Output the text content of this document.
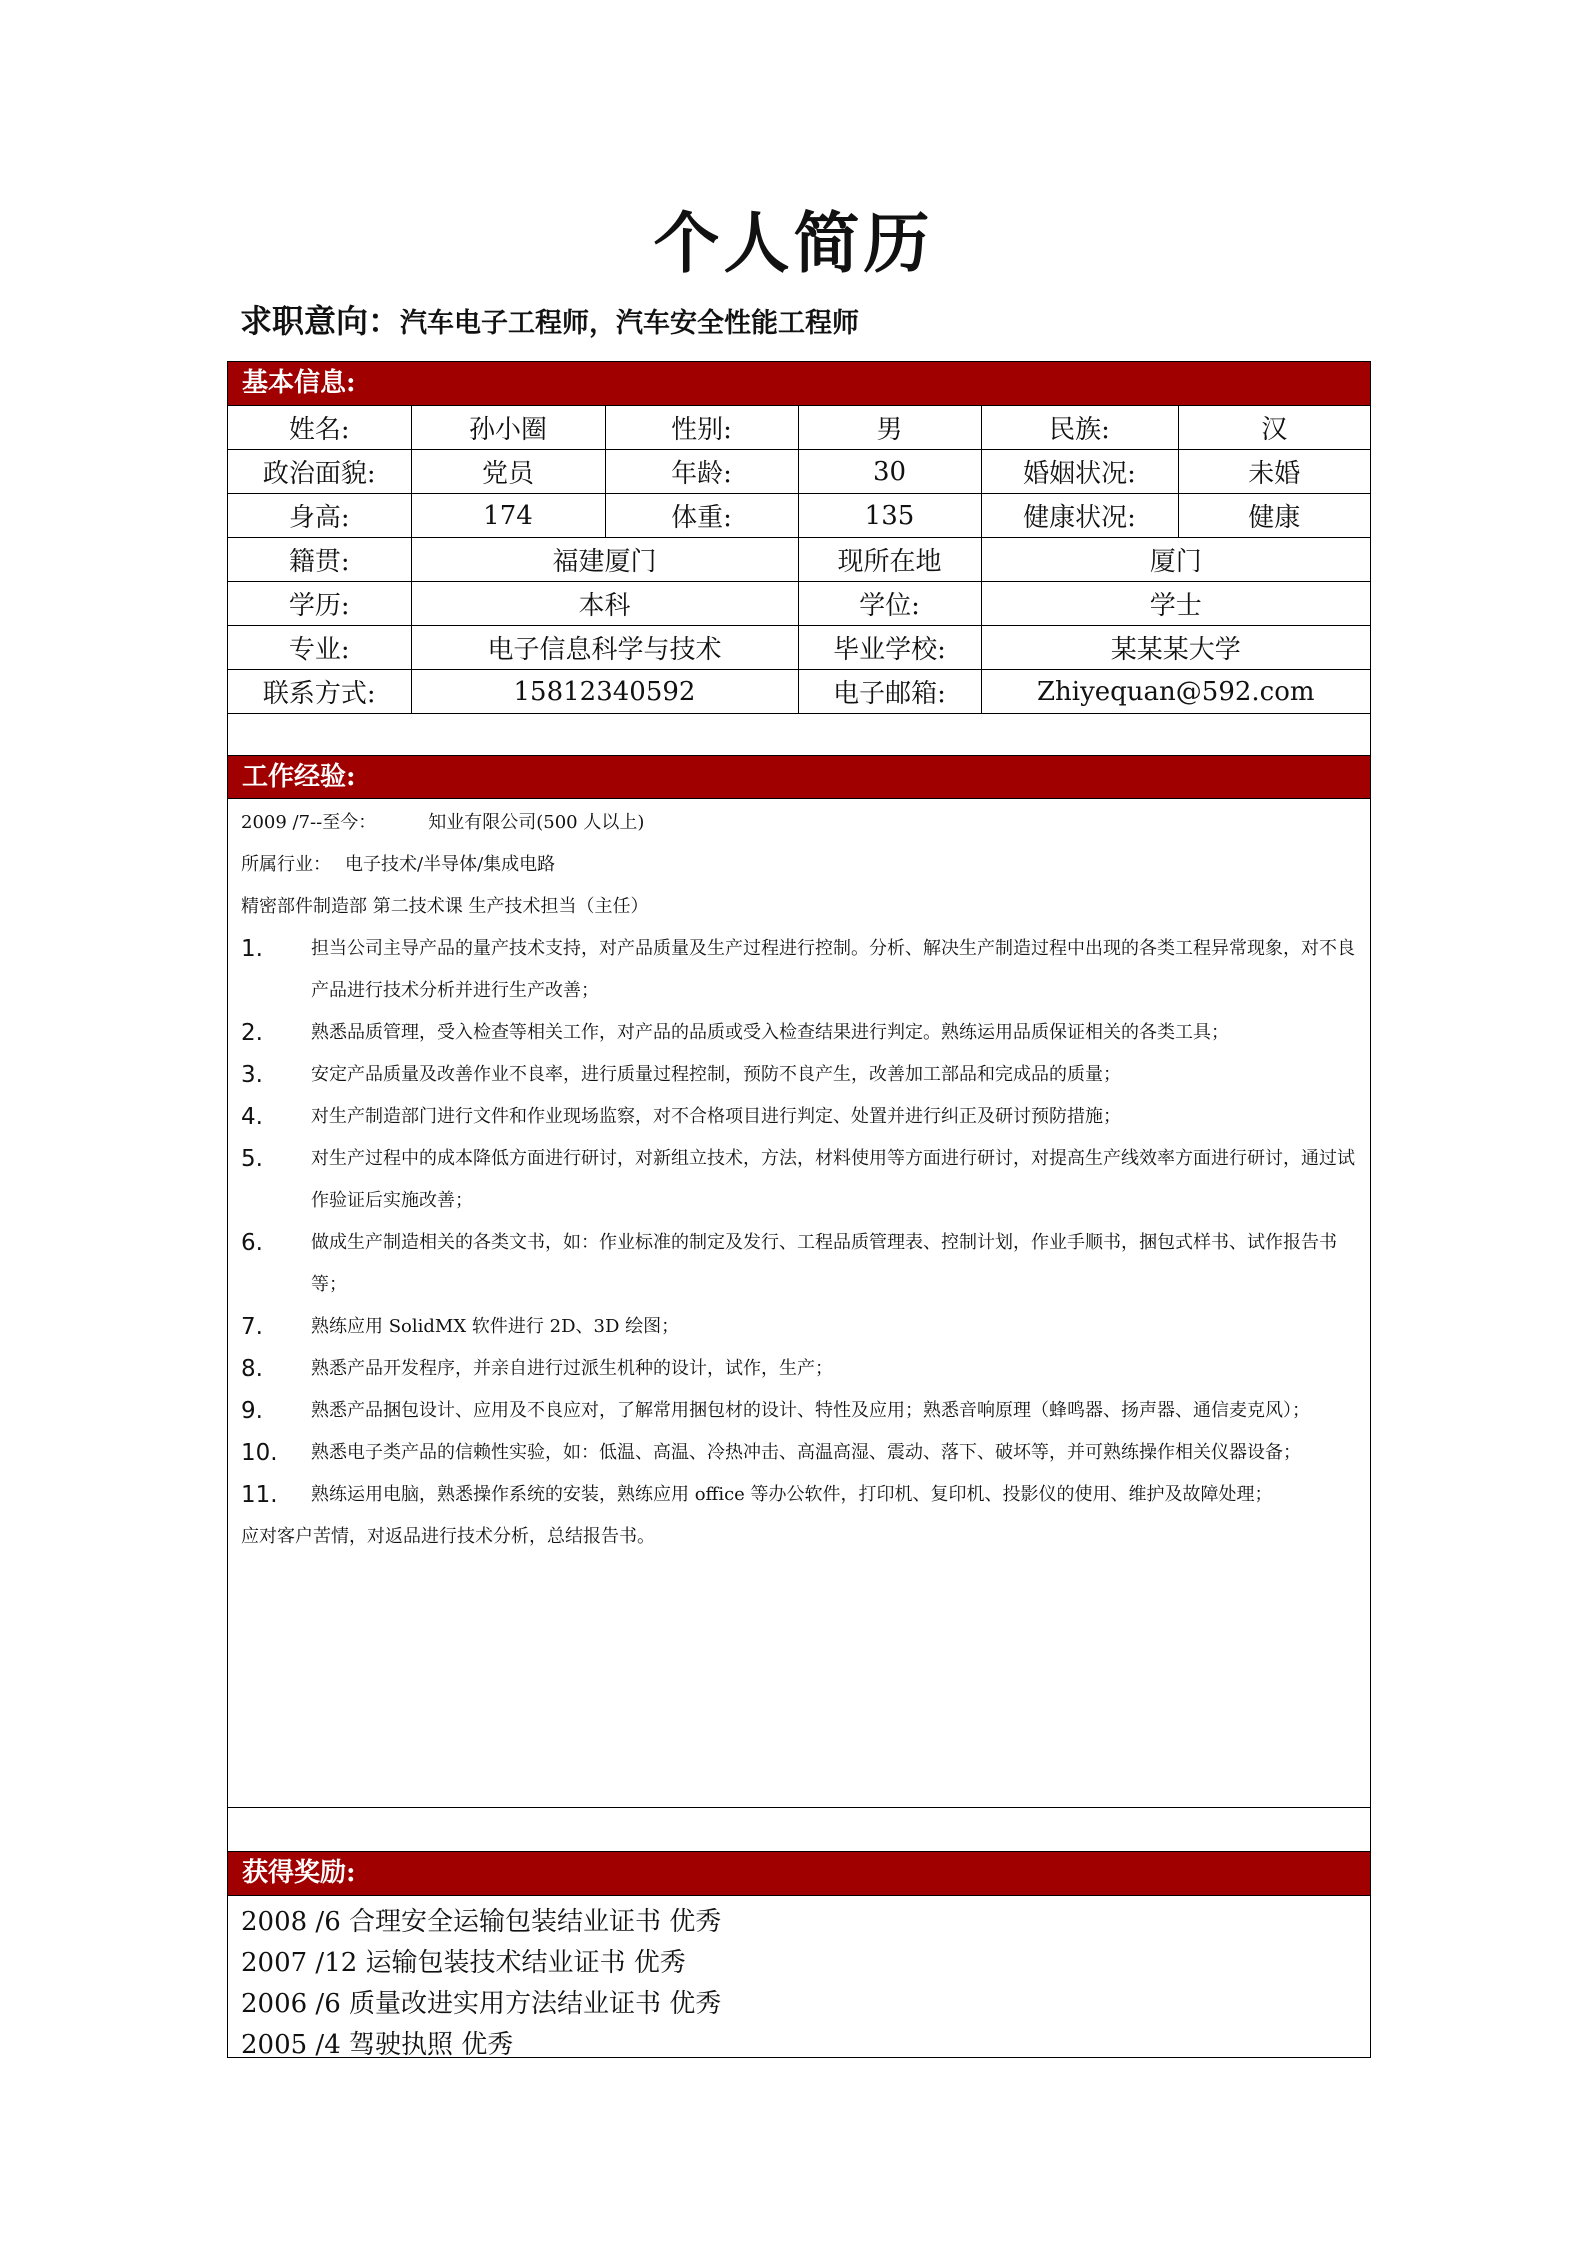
个人简历
求职意向：汽车电子工程师，汽车安全性能工程师
基本信息:
姓名:	孙小圈	性别:	男	民族:	汉
政治面貌:	党员	年龄:	30	婚姻状况:	未婚
身高:	174	体重:	135	健康状况:	健康
籍贯:	福建厦门		现所在地	厦门	
学历:	本科		学位:	学士	
专业:	电子信息科学与技术		毕业学校:	某某某大学	
联系方式:	15812340592		电子邮箱:	Zhiyequan@592.com	
工作经验:
2009 /7--至今：	知业有限公司(500 人以上)
所属行业： 电子技术/半导体/集成电路
精密部件制造部 第二技术课 生产技术担当（主任）
1.	担当公司主导产品的量产技术支持，对产品质量及生产过程进行控制。分析、解决生产制造过程中出现的各类工程异常现象，对不良产品进行技术分析并进行生产改善；
2.	熟悉品质管理，受入检查等相关工作，对产品的品质或受入检查结果进行判定。熟练运用品质保证相关的各类工具；
3.	安定产品质量及改善作业不良率，进行质量过程控制，预防不良产生，改善加工部品和完成品的质量；
4.	对生产制造部门进行文件和作业现场监察，对不合格项目进行判定、处置并进行纠正及研讨预防措施；
5.	对生产过程中的成本降低方面进行研讨，对新组立技术，方法，材料使用等方面进行研讨，对提高生产线效率方面进行研讨，通过试作验证后实施改善；
6.	做成生产制造相关的各类文书，如：作业标准的制定及发行、工程品质管理表、控制计划，作业手顺书，捆包式样书、试作报告书等；
7.	熟练应用 SolidMX 软件进行 2D、3D 绘图；
8.	熟悉产品开发程序，并亲自进行过派生机种的设计，试作，生产；
9.	熟悉产品捆包设计、应用及不良应对，了解常用捆包材的设计、特性及应用；熟悉音响原理（蜂鸣器、扬声器、通信麦克风）；
10.	熟悉电子类产品的信赖性实验，如：低温、高温、冷热冲击、高温高湿、震动、落下、破坏等，并可熟练操作相关仪器设备；
11.	熟练运用电脑，熟悉操作系统的安装，熟练应用 office 等办公软件，打印机、复印机、投影仪的使用、维护及故障处理；
应对客户苦情，对返品进行技术分析，总结报告书。
获得奖励:
2008 /6 合理安全运输包装结业证书 优秀
2007 /12 运输包装技术结业证书 优秀
2006 /6 质量改进实用方法结业证书 优秀
2005 /4 驾驶执照 优秀
